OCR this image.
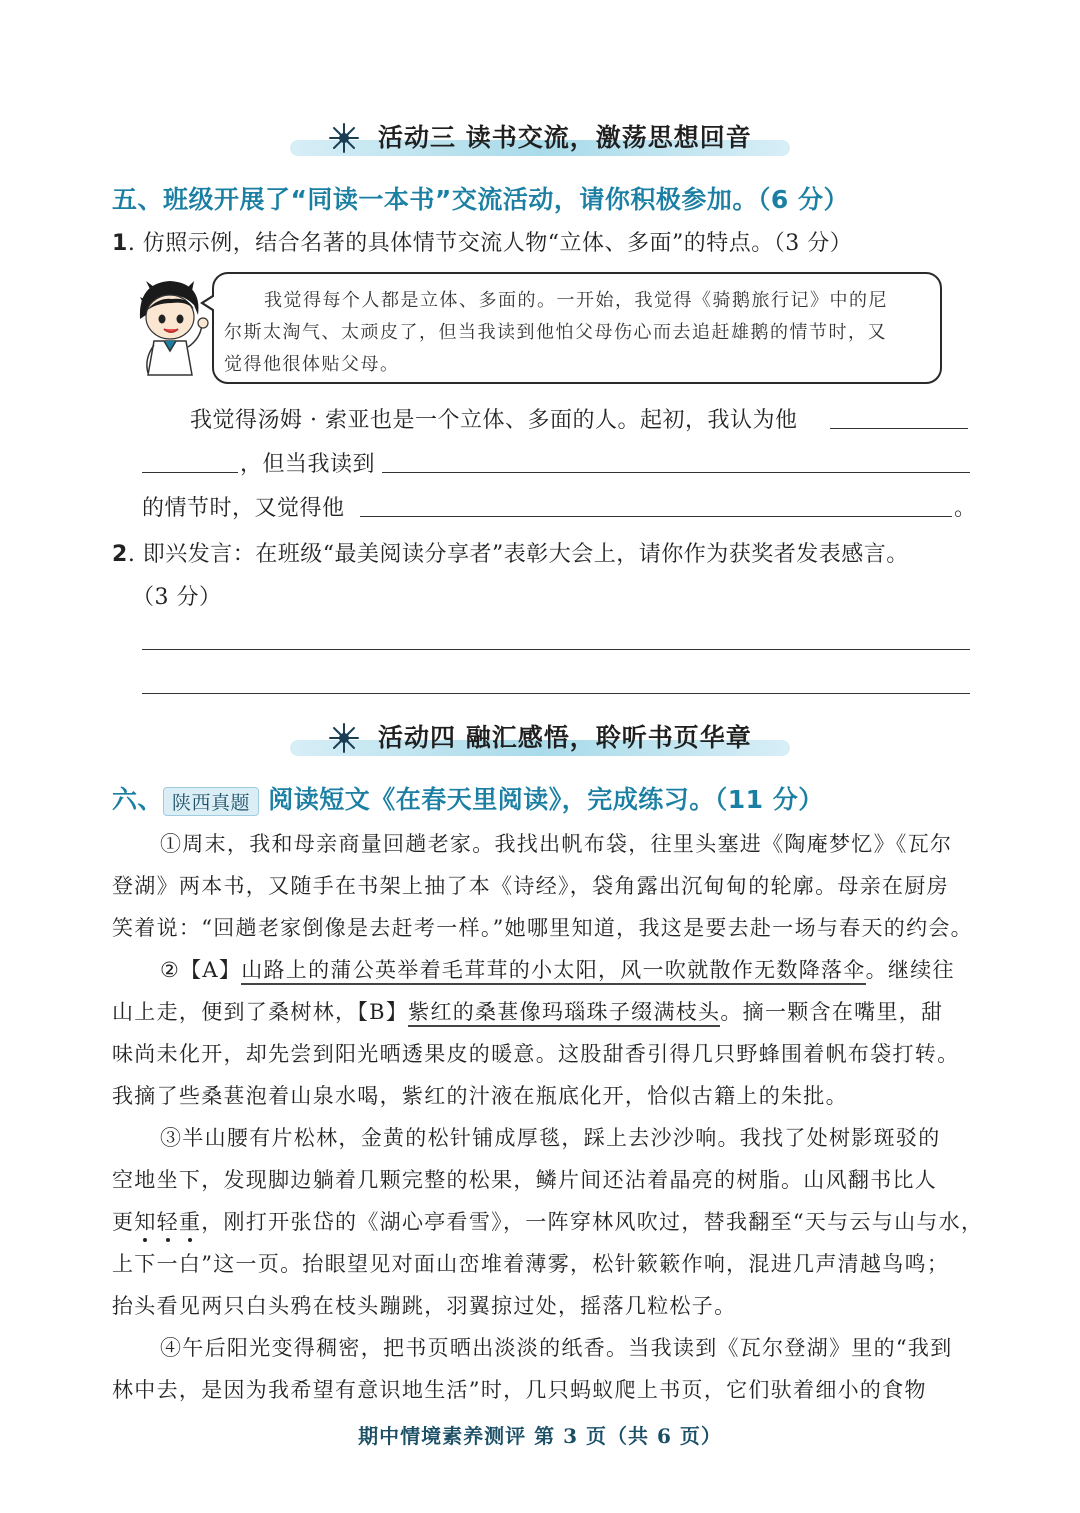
活动三 读书交流，激荡思想回音
五、班级开展了“同读一本书”交流活动，请你积极参加。（6 分）
1. 仿照示例，结合名著的具体情节交流人物“立体、多面”的特点。（3 分）
我觉得每个人都是立体、多面的。一开始，我觉得《骑鹅旅行记》中的尼
尔斯太淘气、太顽皮了，但当我读到他怕父母伤心而去追赶雄鹅的情节时，又
觉得他很体贴父母。
我觉得汤姆 · 索亚也是一个立体、多面的人。起初，我认为他
，但当我读到
的情节时，又觉得他	。
2. 即兴发言：在班级“最美阅读分享者”表彰大会上，请你作为获奖者发表感言。
（3 分）
活动四 融汇感悟，聆听书页华章
六、 陕西真题 阅读短文《在春天里阅读》，完成练习。（11 分）
①周末，我和母亲商量回趟老家。我找出帆布袋，往里头塞进《陶庵梦忆》《瓦尔
登湖》两本书，又随手在书架上抽了本《诗经》，袋角露出沉甸甸的轮廓。母亲在厨房
笑着说：“回趟老家倒像是去赶考一样。”她哪里知道，我这是要去赴一场与春天的约会。
②【A】山路上的蒲公英举着毛茸茸的小太阳，风一吹就散作无数降落伞。继续往
山上走，便到了桑树林，【B】紫红的桑葚像玛瑙珠子缀满枝头。摘一颗含在嘴里，甜
味尚未化开，却先尝到阳光晒透果皮的暖意。这股甜香引得几只野蜂围着帆布袋打转。
我摘了些桑葚泡着山泉水喝，紫红的汁液在瓶底化开，恰似古籍上的朱批。
③半山腰有片松林，金黄的松针铺成厚毯，踩上去沙沙响。我找了处树影斑驳的
空地坐下，发现脚边躺着几颗完整的松果，鳞片间还沾着晶亮的树脂。山风翻书比人
更知轻重，刚打开张岱的《湖心亭看雪》，一阵穿林风吹过，替我翻至“天与云与山与水，
上下一白”这一页。抬眼望见对面山峦堆着薄雾，松针簌簌作响，混进几声清越鸟鸣；
抬头看见两只白头鸦在枝头蹦跳，羽翼掠过处，摇落几粒松子。
④午后阳光变得稠密，把书页晒出淡淡的纸香。当我读到《瓦尔登湖》里的“我到
林中去，是因为我希望有意识地生活”时，几只蚂蚁爬上书页，它们驮着细小的食物
期中情境素养测评 第 3 页（共 6 页）
